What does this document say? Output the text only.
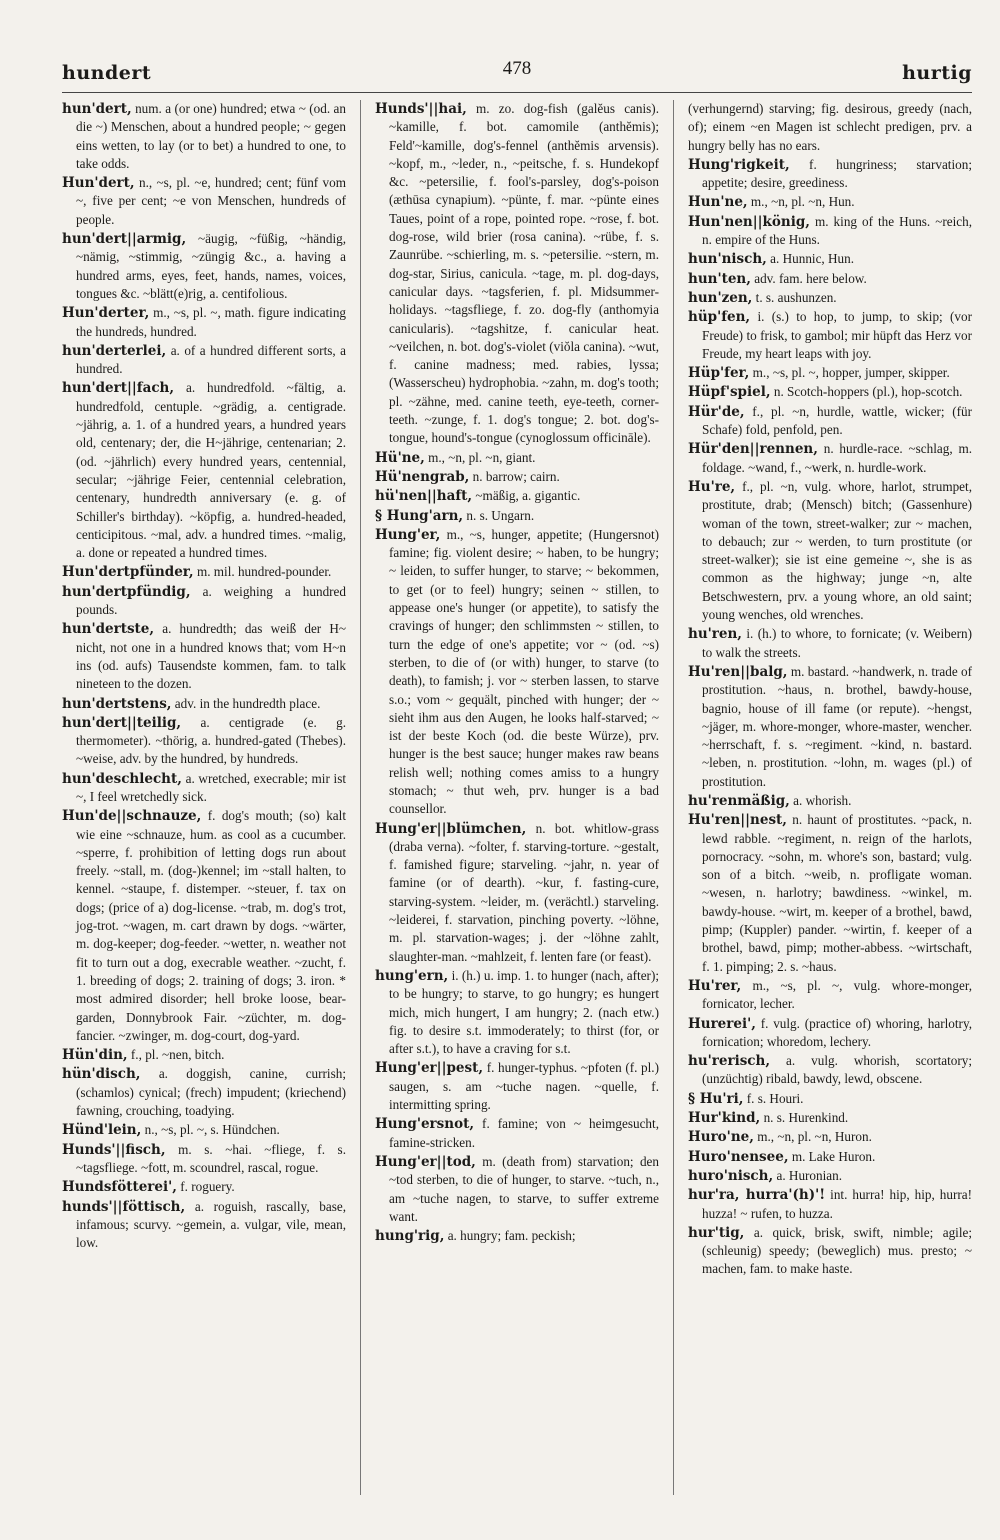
hundert	478	hurtig

hun'dert, num. a (or one) hundred; etwa ~ (od. an die ~) Menschen, about a hundred people; ~ gegen eins wetten, to lay (or to bet) a hundred to one, to take odds.

Hun'dert, n., ~s, pl. ~e, hundred; cent; fünf vom ~, five per cent; ~e von Menschen, hundreds of people.

hun'dert||armig, ~äugig, ~füßig, ~händig, ~nämig, ~stimmig, ~züngig &c., a. having a hundred arms, eyes, feet, hands, names, voices, tongues &c. ~blätt(e)rig, a. centifolious.

Hun'derter, m., ~s, pl. ~, math. figure indicating the hundreds, hundred.

hun'derterlei, a. of a hundred different sorts, a hundred.

hun'dert||fach, a. hundredfold. ~fältig, a. hundredfold, centuple. ~grädig, a. centigrade. ~jährig, a. 1. of a hundred years, a hundred years old, centenary; der, die H~jährige, centenarian; 2. (od. ~jährlich) every hundred years, centennial, secular; ~jährige Feier, centennial celebration, centenary, hundredth anniversary (e. g. of Schiller's birthday). ~köpfig, a. hundred-headed, centicipitous. ~mal, adv. a hundred times. ~malig, a. done or repeated a hundred times.

Hun'dertpfünder, m. mil. hundred-pounder.

hun'dertpfündig, a. weighing a hundred pounds.

hun'dertste, a. hundredth; das weiß der H~ nicht, not one in a hundred knows that; vom H~n ins (od. aufs) Tausendste kommen, fam. to talk nineteen to the dozen.

hun'dertstens, adv. in the hundredth place.

hun'dert||teilig, a. centigrade (e. g. thermometer). ~thörig, a. hundred-gated (Thebes). ~weise, adv. by the hundred, by hundreds.

hun'deschlecht, a. wretched, execrable; mir ist ~, I feel wretchedly sick.

Hun'de||schnauze, f. dog's mouth; (so) kalt wie eine ~schnauze, hum. as cool as a cucumber. ~sperre, f. prohibition of letting dogs run about freely. ~stall, m. (dog-)kennel; im ~stall halten, to kennel. ~staupe, f. distemper. ~steuer, f. tax on dogs; (price of a) dog-license. ~trab, m. dog's trot, jog-trot. ~wagen, m. cart drawn by dogs. ~wärter, m. dog-keeper; dog-feeder. ~wetter, n. weather not fit to turn out a dog, execrable weather. ~zucht, f. 1. breeding of dogs; 2. training of dogs; 3. iron. * most admired disorder; hell broke loose, bear-garden, Donnybrook Fair. ~züchter, m. dog-fancier. ~zwinger, m. dog-court, dog-yard.

Hün'din, f., pl. ~nen, bitch.

hün'disch, a. doggish, canine, currish; (schamlos) cynical; (frech) impudent; (kriechend) fawning, crouching, toadying.

Hünd'lein, n., ~s, pl. ~, s. Hündchen.

Hunds'||fisch, m. s. ~hai. ~fliege, f. s. ~tagsfliege. ~fott, m. scoundrel, rascal, rogue.

Hundsfötterei', f. roguery.

hunds'||föttisch, a. roguish, rascally, base, infamous; scurvy. ~gemein, a. vulgar, vile, mean, low.

Hunds'||hai, m. zo. dog-fish (galĕus canis). ~kamille, f. bot. camomile (anthĕmis); Feld'~kamille, dog's-fennel (anthĕmis arvensis). ~kopf, m., ~leder, n., ~peitsche, f. s. Hundekopf &c. ~petersilie, f. fool's-parsley, dog's-poison (æthūsa cynapium). ~pünte, f. mar. ~pünte eines Taues, point of a rope, pointed rope. ~rose, f. bot. dog-rose, wild brier (rosa canina). ~rübe, f. s. Zaunrübe. ~schierling, m. s. ~petersilie. ~stern, m. dog-star, Sirius, canicula. ~tage, m. pl. dog-days, canicular days. ~tagsferien, f. pl. Midsummer-holidays. ~tagsfliege, f. zo. dog-fly (anthomyia canicularis). ~tagshitze, f. canicular heat. ~veilchen, n. bot. dog's-violet (viŏla canina). ~wut, f. canine madness; med. rabies, lyssa; (Wasserscheu) hydrophobia. ~zahn, m. dog's tooth; pl. ~zähne, med. canine teeth, eye-teeth, corner-teeth. ~zunge, f. 1. dog's tongue; 2. bot. dog's-tongue, hound's-tongue (cynoglossum officināle).

Hü'ne, m., ~n, pl. ~n, giant.

Hü'nengrab, n. barrow; cairn.

hü'nen||haft, ~mäßig, a. gigantic.

§ Hung'arn, n. s. Ungarn.

Hung'er, m., ~s, hunger, appetite; (Hungersnot) famine; fig. violent desire; ~ haben, to be hungry; ~ leiden, to suffer hunger, to starve; ~ bekommen, to get (or to feel) hungry; seinen ~ stillen, to appease one's hunger (or appetite), to satisfy the cravings of hunger; den schlimmsten ~ stillen, to turn the edge of one's appetite; vor ~ (od. ~s) sterben, to die of (or with) hunger, to starve (to death), to famish; j. vor ~ sterben lassen, to starve s.o.; vom ~ gequält, pinched with hunger; der ~ sieht ihm aus den Augen, he looks half-starved; ~ ist der beste Koch (od. die beste Würze), prv. hunger is the best sauce; hunger makes raw beans relish well; nothing comes amiss to a hungry stomach; ~ thut weh, prv. hunger is a bad counsellor.

Hung'er||blümchen, n. bot. whitlow-grass (draba verna). ~folter, f. starving-torture. ~gestalt, f. famished figure; starveling. ~jahr, n. year of famine (or of dearth). ~kur, f. fasting-cure, starving-system. ~leider, m. (verächtl.) starveling. ~leiderei, f. starvation, pinching poverty. ~löhne, m. pl. starvation-wages; j. der ~löhne zahlt, slaughter-man. ~mahlzeit, f. lenten fare (or feast).

hung'ern, i. (h.) u. imp. 1. to hunger (nach, after); to be hungry; to starve, to go hungry; es hungert mich, mich hungert, I am hungry; 2. (nach etw.) fig. to desire s.t. immoderately; to thirst (for, or after s.t.), to have a craving for s.t.

Hung'er||pest, f. hunger-typhus. ~pfoten (f. pl.) saugen, s. am ~tuche nagen. ~quelle, f. intermitting spring.

Hung'ersnot, f. famine; von ~ heimgesucht, famine-stricken.

Hung'er||tod, m. (death from) starvation; den ~tod sterben, to die of hunger, to starve. ~tuch, n., am ~tuche nagen, to starve, to suffer extreme want.

hung'rig, a. hungry; fam. peckish;

(verhungernd) starving; fig. desirous, greedy (nach, of); einem ~en Magen ist schlecht predigen, prv. a hungry belly has no ears.

Hung'rigkeit, f. hungriness; starvation; appetite; desire, greediness.

Hun'ne, m., ~n, pl. ~n, Hun.

Hun'nen||könig, m. king of the Huns. ~reich, n. empire of the Huns.

hun'nisch, a. Hunnic, Hun.

hun'ten, adv. fam. here below.

hun'zen, t. s. aushunzen.

hüp'fen, i. (s.) to hop, to jump, to skip; (vor Freude) to frisk, to gambol; mir hüpft das Herz vor Freude, my heart leaps with joy.

Hüp'fer, m., ~s, pl. ~, hopper, jumper, skipper.

Hüpf'spiel, n. Scotch-hoppers (pl.), hop-scotch.

Hür'de, f., pl. ~n, hurdle, wattle, wicker; (für Schafe) fold, penfold, pen.

Hür'den||rennen, n. hurdle-race. ~schlag, m. foldage. ~wand, f., ~werk, n. hurdle-work.

Hu're, f., pl. ~n, vulg. whore, harlot, strumpet, prostitute, drab; (Mensch) bitch; (Gassenhure) woman of the town, street-walker; zur ~ machen, to debauch; zur ~ werden, to turn prostitute (or street-walker); sie ist eine gemeine ~, she is as common as the highway; junge ~n, alte Betschwestern, prv. a young whore, an old saint; young wenches, old wrenches.

hu'ren, i. (h.) to whore, to fornicate; (v. Weibern) to walk the streets.

Hu'ren||balg, m. bastard. ~handwerk, n. trade of prostitution. ~haus, n. brothel, bawdy-house, bagnio, house of ill fame (or repute). ~hengst, ~jäger, m. whore-monger, whore-master, wencher. ~herrschaft, f. s. ~regiment. ~kind, n. bastard. ~leben, n. prostitution. ~lohn, m. wages (pl.) of prostitution.

hu'renmäßig, a. whorish.

Hu'ren||nest, n. haunt of prostitutes. ~pack, n. lewd rabble. ~regiment, n. reign of the harlots, pornocracy. ~sohn, m. whore's son, bastard; vulg. son of a bitch. ~weib, n. profligate woman. ~wesen, n. harlotry; bawdiness. ~winkel, m. bawdy-house. ~wirt, m. keeper of a brothel, bawd, pimp; (Kuppler) pander. ~wirtin, f. keeper of a brothel, bawd, pimp; mother-abbess. ~wirtschaft, f. 1. pimping; 2. s. ~haus.

Hu'rer, m., ~s, pl. ~, vulg. whore-monger, fornicator, lecher.

Hurerei', f. vulg. (practice of) whoring, harlotry, fornication; whoredom, lechery.

hu'rerisch, a. vulg. whorish, scortatory; (unzüchtig) ribald, bawdy, lewd, obscene.

§ Hu'ri, f. s. Houri.

Hur'kind, n. s. Hurenkind.

Huro'ne, m., ~n, pl. ~n, Huron.

Huro'nensee, m. Lake Huron.

huro'nisch, a. Huronian.

hur'ra, hurra'(h)'! int. hurra! hip, hip, hurra! huzza! ~ rufen, to huzza.

hur'tig, a. quick, brisk, swift, nimble; agile; (schleunig) speedy; (beweglich) mus. presto; ~ machen, fam. to make haste.
